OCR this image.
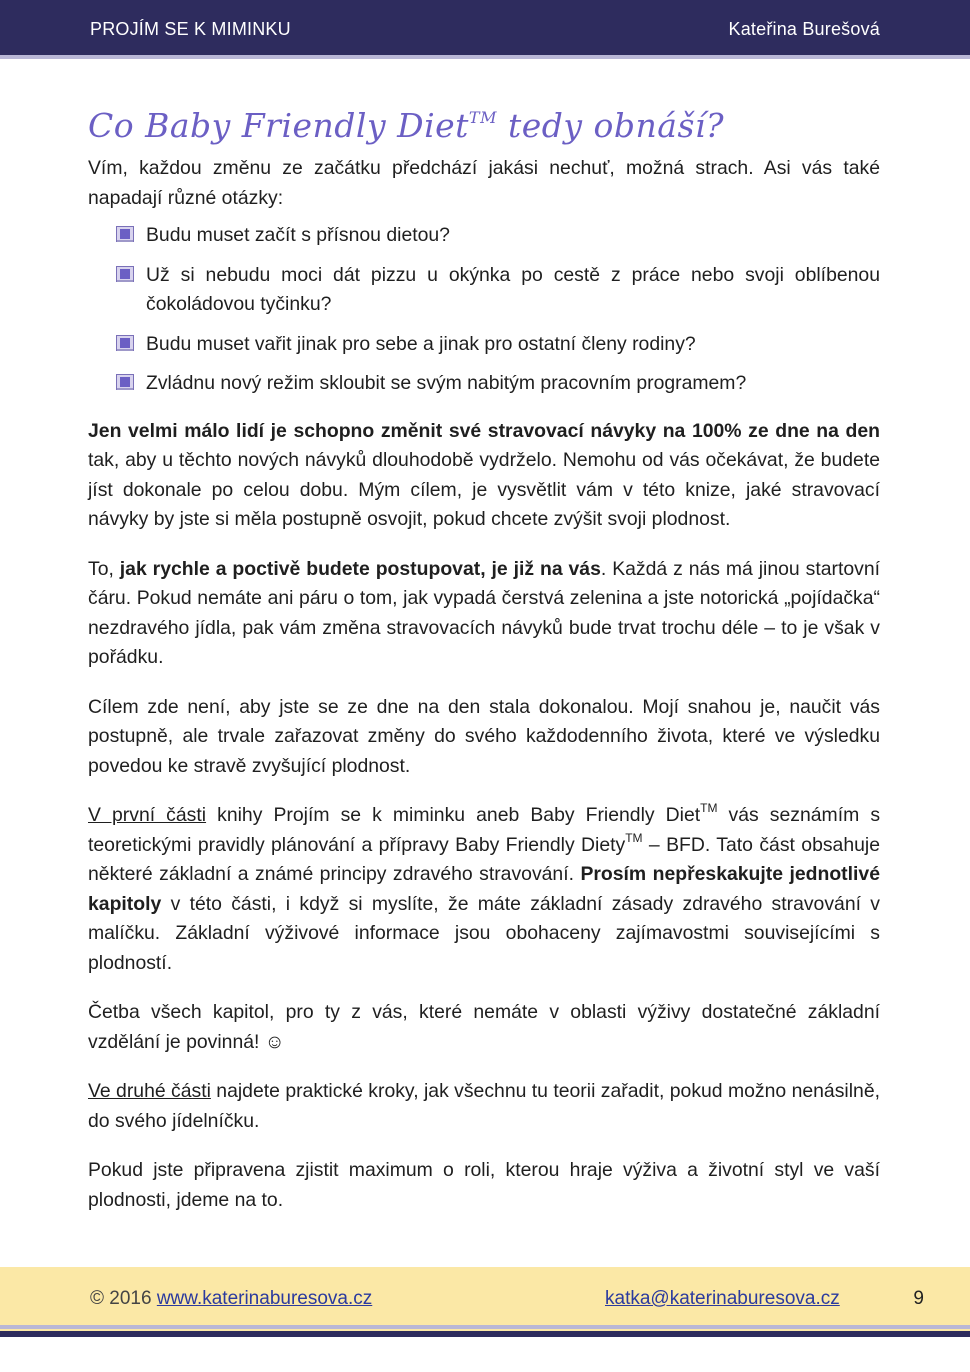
PROJÍM SE K MIMINKU	Kateřina Burešová
Co Baby Friendly Diet™ tedy obnáší?

Vím, každou změnu ze začátku předchází jakási nechuť, možná strach. Asi vás také napadají různé otázky:

Budu muset začít s přísnou dietou?
Už si nebudu moci dát pizzu u okýnka po cestě z práce nebo svoji oblíbenou čokoládovou tyčinku?
Budu muset vařit jinak pro sebe a jinak pro ostatní členy rodiny?
Zvládnu nový režim skloubit se svým nabitým pracovním programem?

Jen velmi málo lidí je schopno změnit své stravovací návyky na 100% ze dne na den tak, aby u těchto nových návyků dlouhodobě vydrželo. Nemohu od vás očekávat, že budete jíst dokonale po celou dobu. Mým cílem, je vysvětlit vám v této knize, jaké stravovací návyky by jste si měla postupně osvojit, pokud chcete zvýšit svoji plodnost.

To, jak rychle a poctivě budete postupovat, je již na vás. Každá z nás má jinou startovní čáru. Pokud nemáte ani páru o tom, jak vypadá čerstvá zelenina a jste notorická „pojídačka“ nezdravého jídla, pak vám změna stravovacích návyků bude trvat trochu déle – to je však v pořádku.

Cílem zde není, aby jste se ze dne na den stala dokonalou. Mojí snahou je, naučit vás postupně, ale trvale zařazovat změny do svého každodenního života, které ve výsledku povedou ke stravě zvyšující plodnost.

V první části knihy Projím se k miminku aneb Baby Friendly Diet™ vás seznámím s teoretickými pravidly plánování a přípravy Baby Friendly Diety™ – BFD. Tato část obsahuje některé základní a známé principy zdravého stravování. Prosím nepřeskakujte jednotlivé kapitoly v této části, i když si myslíte, že máte základní zásady zdravého stravování v malíčku. Základní výživové informace jsou obohaceny zajímavostmi souvisejícími s plodností.

Četba všech kapitol, pro ty z vás, které nemáte v oblasti výživy dostatečné základní vzdělání je povinná! ☺

Ve druhé části najdete praktické kroky, jak všechnu tu teorii zařadit, pokud možno nenásilně, do svého jídelníčku.

Pokud jste připravena zjistit maximum o roli, kterou hraje výživa a životní styl ve vaší plodnosti, jdeme na to.

© 2016 www.katerinaburesova.cz	katka@katerinaburesova.cz	9
